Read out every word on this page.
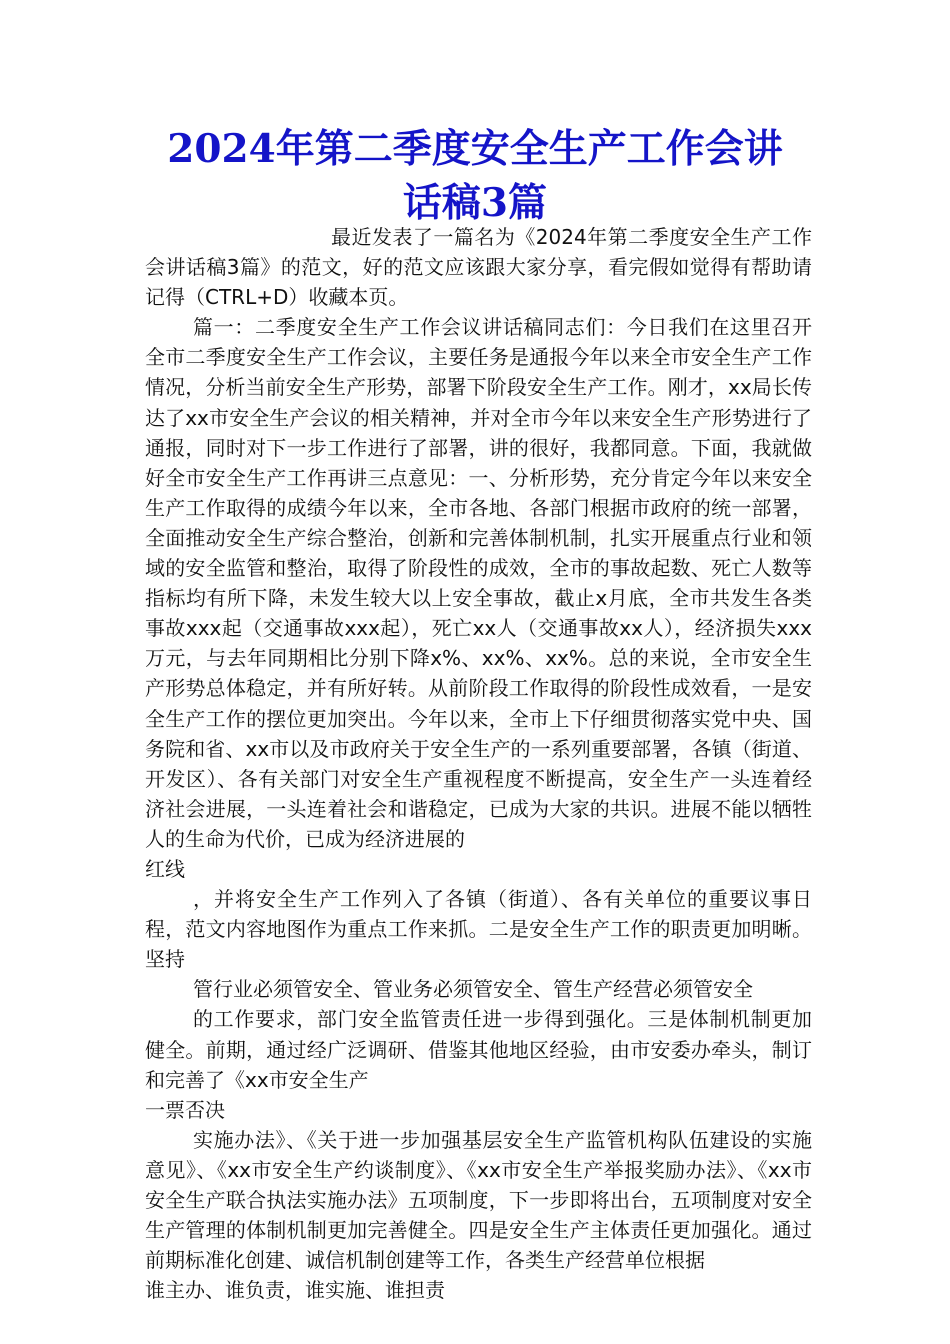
2024年第二季度安全生产工作会讲
话稿3篇

最近发表了一篇名为《2024年第二季度安全生产工作会讲话稿3篇》的范文，好的范文应该跟大家分享，看完假如觉得有帮助请记得（CTRL+D）收藏本页。

篇一：二季度安全生产工作会议讲话稿同志们：今日我们在这里召开全市二季度安全生产工作会议，主要任务是通报今年以来全市安全生产工作情况，分析当前安全生产形势，部署下阶段安全生产工作。刚才，xx局长传达了xx市安全生产会议的相关精神，并对全市今年以来安全生产形势进行了通报，同时对下一步工作进行了部署，讲的很好，我都同意。下面，我就做好全市安全生产工作再讲三点意见：一、分析形势，充分肯定今年以来安全生产工作取得的成绩今年以来，全市各地、各部门根据市政府的统一部署，全面推动安全生产综合整治，创新和完善体制机制，扎实开展重点行业和领域的安全监管和整治，取得了阶段性的成效，全市的事故起数、死亡人数等指标均有所下降，未发生较大以上安全事故，截止x月底，全市共发生各类事故xxx起（交通事故xxx起），死亡xx人（交通事故xx人），经济损失xxx万元，与去年同期相比分别下降x%、xx%、xx%。总的来说，全市安全生产形势总体稳定，并有所好转。从前阶段工作取得的阶段性成效看，一是安全生产工作的摆位更加突出。今年以来，全市上下仔细贯彻落实党中央、国务院和省、xx市以及市政府关于安全生产的一系列重要部署，各镇（街道、开发区）、各有关部门对安全生产重视程度不断提高，安全生产一头连着经济社会进展，一头连着社会和谐稳定，已成为大家的共识。进展不能以牺牲人的生命为代价，已成为经济进展的

红线

，并将安全生产工作列入了各镇（街道）、各有关单位的重要议事日程，范文内容地图作为重点工作来抓。二是安全生产工作的职责更加明晰。坚持

管行业必须管安全、管业务必须管安全、管生产经营必须管安全

的工作要求，部门安全监管责任进一步得到强化。三是体制机制更加健全。前期，通过经广泛调研、借鉴其他地区经验，由市安委办牵头，制订和完善了《xx市安全生产

一票否决

实施办法》、《关于进一步加强基层安全生产监管机构队伍建设的实施意见》、《xx市安全生产约谈制度》、《xx市安全生产举报奖励办法》、《xx市安全生产联合执法实施办法》五项制度，下一步即将出台，五项制度对安全生产管理的体制机制更加完善健全。四是安全生产主体责任更加强化。通过前期标准化创建、诚信机制创建等工作，各类生产经营单位根据

谁主办、谁负责，谁实施、谁担责
